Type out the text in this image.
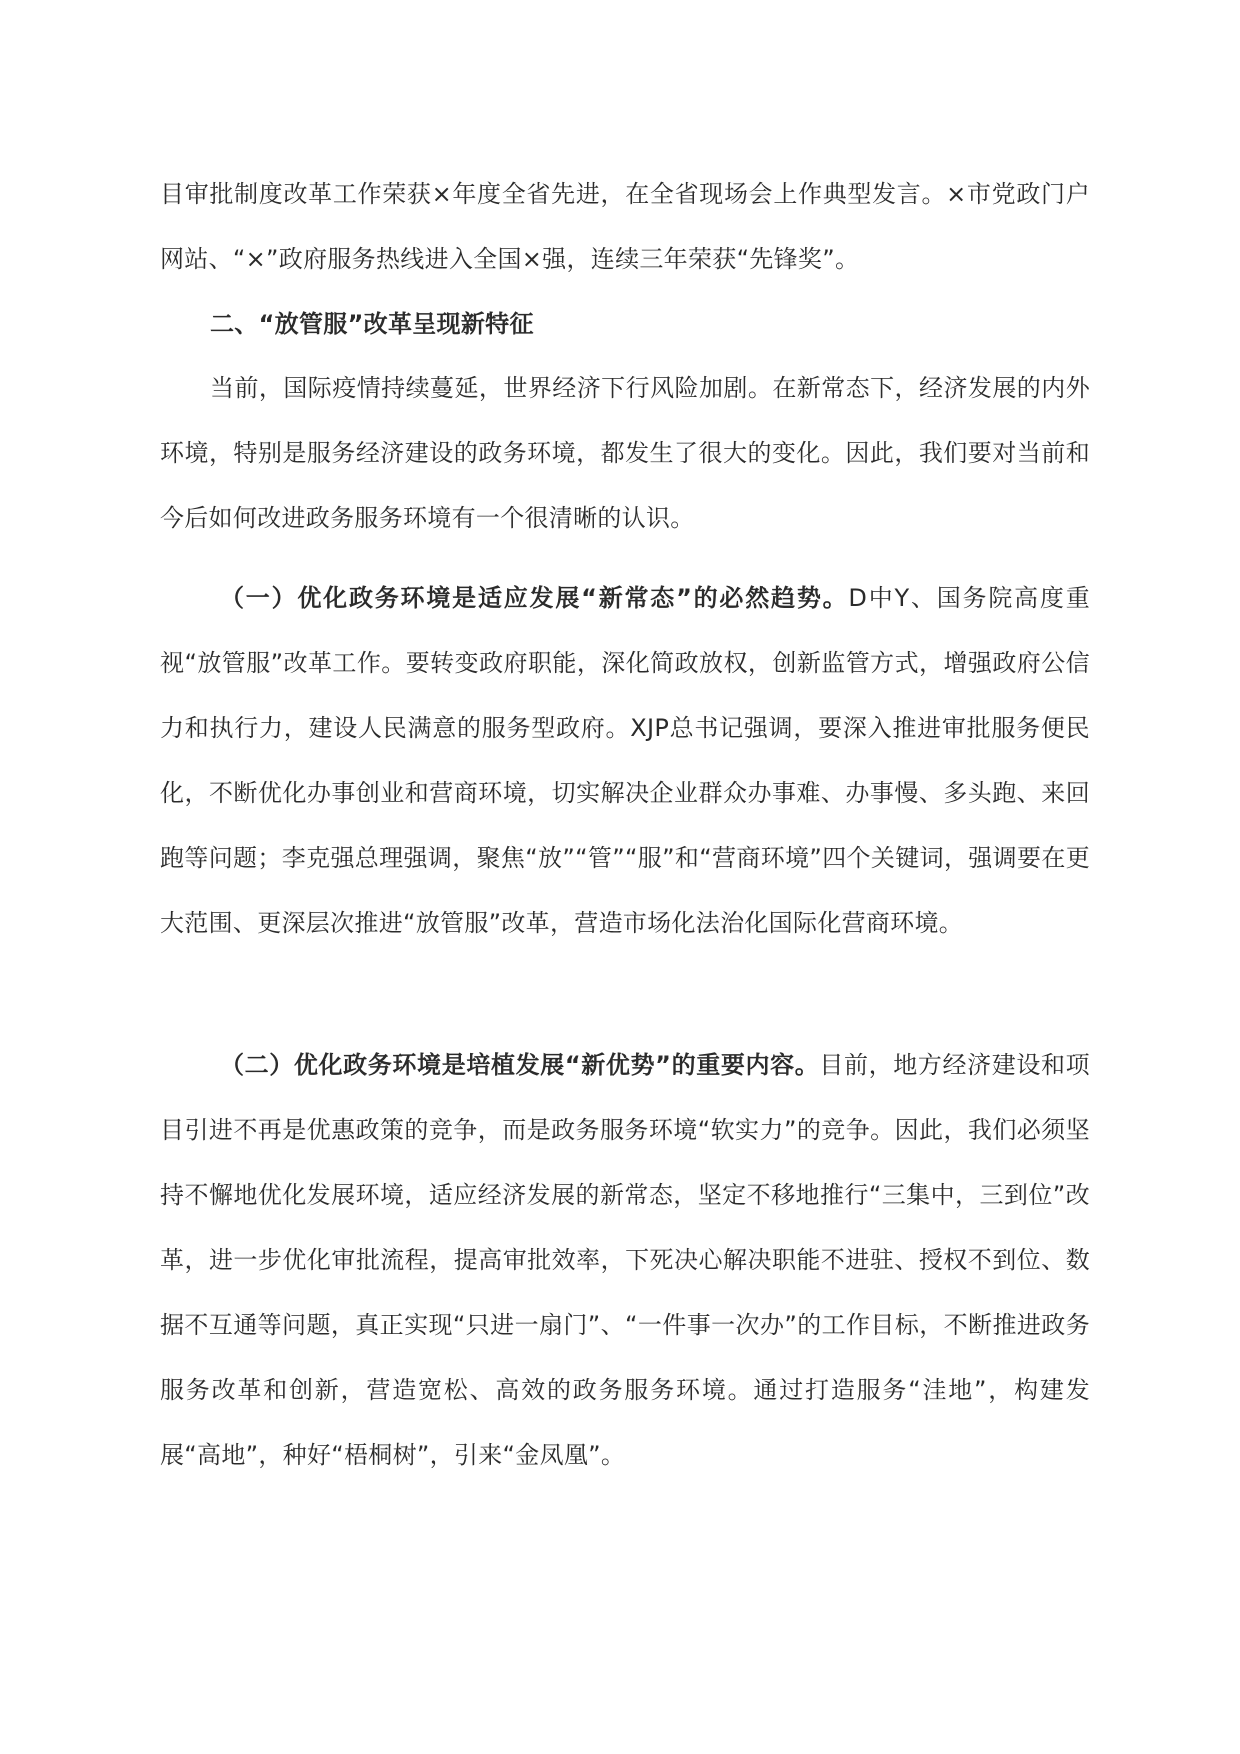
目审批制度改革工作荣获×年度全省先进，在全省现场会上作典型发言。×市党政门户网站、“×”政府服务热线进入全国×强，连续三年荣获“先锋奖”。
二、“放管服”改革呈现新特征
当前，国际疫情持续蔓延，世界经济下行风险加剧。在新常态下，经济发展的内外环境，特别是服务经济建设的政务环境，都发生了很大的变化。因此，我们要对当前和今后如何改进政务服务环境有一个很清晰的认识。
（一）优化政务环境是适应发展“新常态”的必然趋势。D中Y、国务院高度重视“放管服”改革工作。要转变政府职能，深化简政放权，创新监管方式，增强政府公信力和执行力，建设人民满意的服务型政府。XJP总书记强调，要深入推进审批服务便民化，不断优化办事创业和营商环境，切实解决企业群众办事难、办事慢、多头跑、来回跑等问题；李克强总理强调，聚焦“放”“管”“服”和“营商环境”四个关键词，强调要在更大范围、更深层次推进“放管服”改革，营造市场化法治化国际化营商环境。
（二）优化政务环境是培植发展“新优势”的重要内容。目前，地方经济建设和项目引进不再是优惠政策的竞争，而是政务服务环境“软实力”的竞争。因此，我们必须坚持不懈地优化发展环境，适应经济发展的新常态，坚定不移地推行“三集中，三到位”改革，进一步优化审批流程，提高审批效率，下死决心解决职能不进驻、授权不到位、数据不互通等问题，真正实现“只进一扇门”、“一件事一次办”的工作目标，不断推进政务服务改革和创新，营造宽松、高效的政务服务环境。通过打造服务“洼地”，构建发展“高地”，种好“梧桐树”，引来“金凤凰”。
